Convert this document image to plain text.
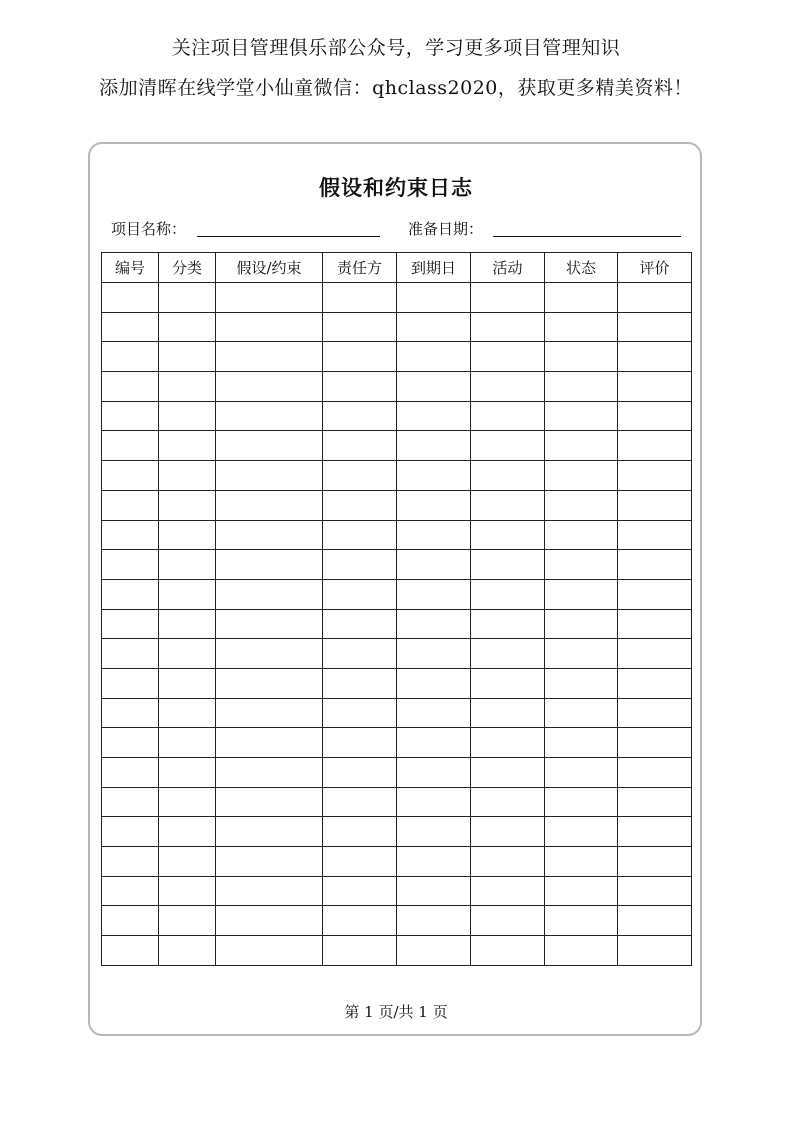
关注项目管理俱乐部公众号，学习更多项目管理知识
添加清晖在线学堂小仙童微信：qhclass2020，获取更多精美资料！
假设和约束日志
项目名称：	准备日期：
编号	分类	假设/约束	责任方	到期日	活动	状态	评价

第 1 页/共 1 页
